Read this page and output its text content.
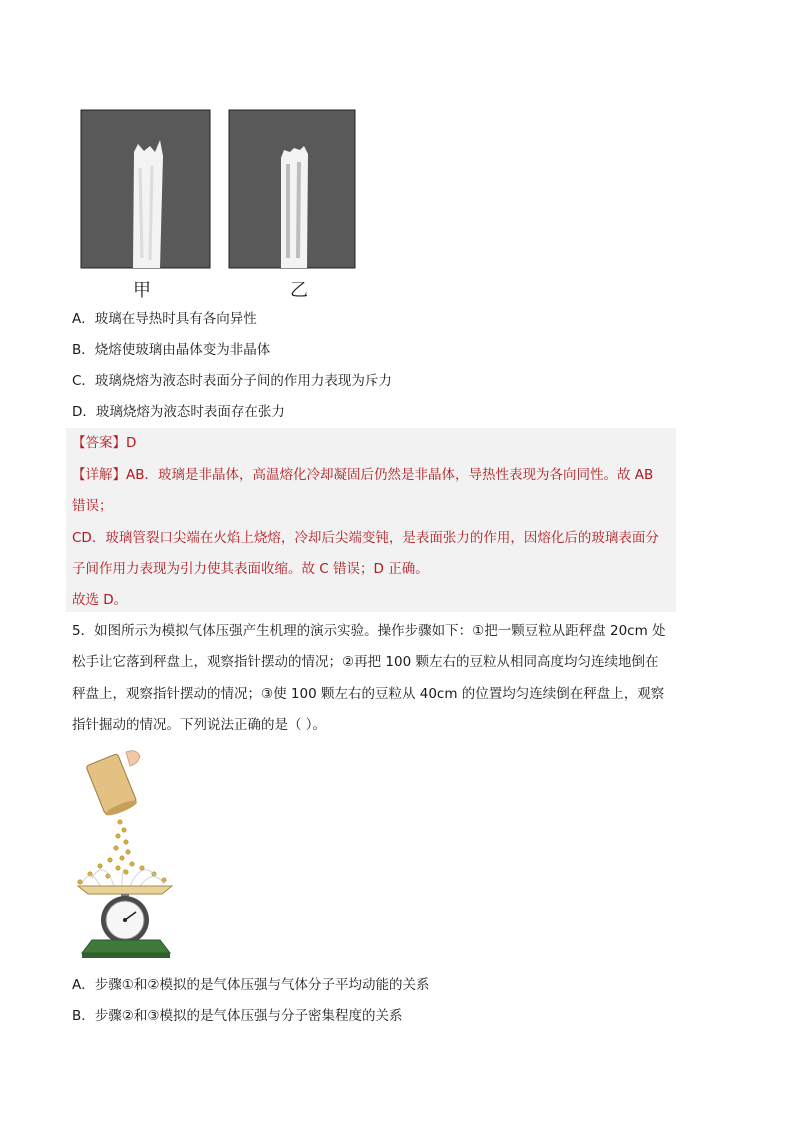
甲	乙
A．玻璃在导热时具有各向异性
B．烧熔使玻璃由晶体变为非晶体
C．玻璃烧熔为液态时表面分子间的作用力表现为斥力
D．玻璃烧熔为液态时表面存在张力
【答案】D
【详解】AB．玻璃是非晶体，高温熔化冷却凝固后仍然是非晶体，导热性表现为各向同性。故 AB
错误；
CD．玻璃管裂口尖端在火焰上烧熔，冷却后尖端变钝，是表面张力的作用，因熔化后的玻璃表面分
子间作用力表现为引力使其表面收缩。故 C 错误；D 正确。
故选 D。
5．如图所示为模拟气体压强产生机理的演示实验。操作步骤如下：①把一颗豆粒从距秤盘 20cm 处
松手让它落到秤盘上，观察指针摆动的情况；②再把 100 颗左右的豆粒从相同高度均匀连续地倒在
秤盘上，观察指针摆动的情况；③使 100 颗左右的豆粒从 40cm 的位置均匀连续倒在秤盘上，观察
指针掘动的情况。下列说法正确的是（ ）。
A．步骤①和②模拟的是气体压强与气体分子平均动能的关系
B．步骤②和③模拟的是气体压强与分子密集程度的关系
